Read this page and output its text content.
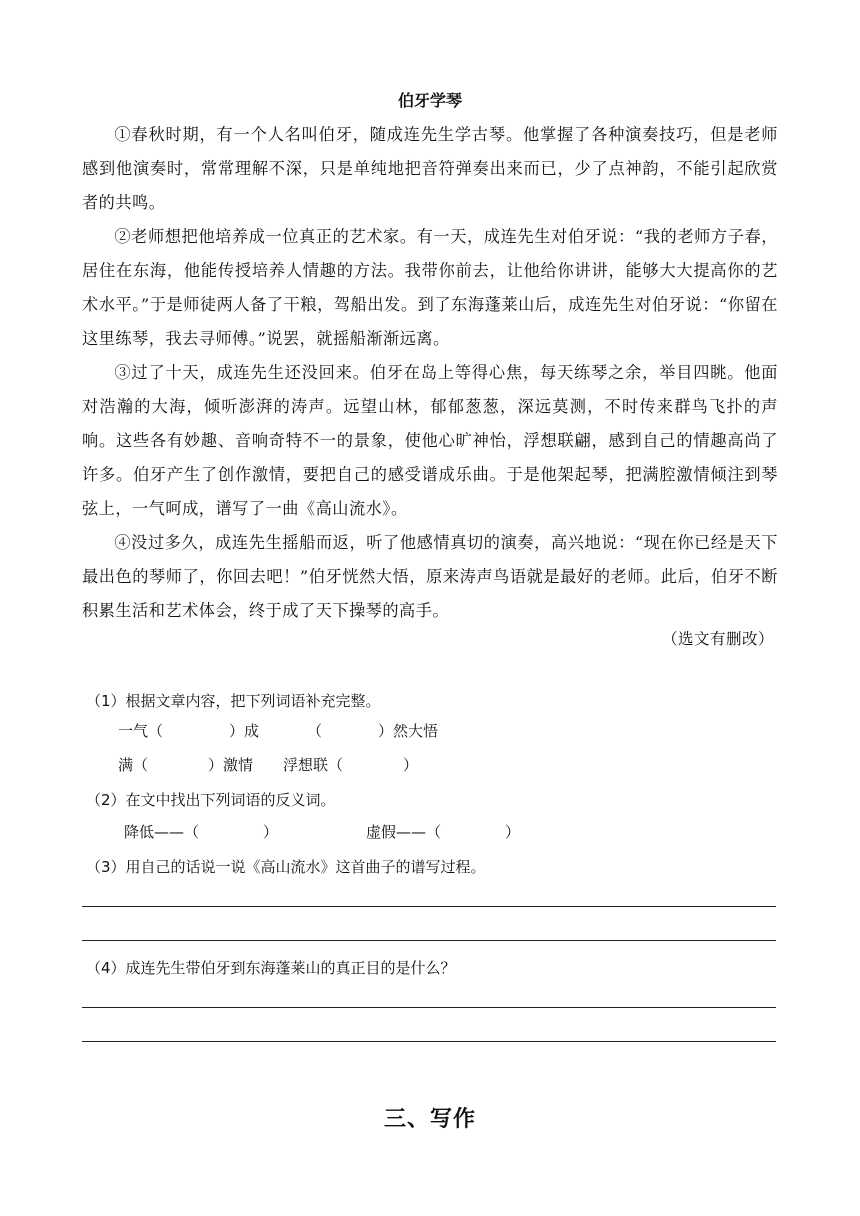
伯牙学琴

①春秋时期，有一个人名叫伯牙，随成连先生学古琴。他掌握了各种演奏技巧，但是老师感到他演奏时，常常理解不深，只是单纯地把音符弹奏出来而已，少了点神韵，不能引起欣赏者的共鸣。

②老师想把他培养成一位真正的艺术家。有一天，成连先生对伯牙说：“我的老师方子春，居住在东海，他能传授培养人情趣的方法。我带你前去，让他给你讲讲，能够大大提高你的艺术水平。”于是师徒两人备了干粮，驾船出发。到了东海蓬莱山后，成连先生对伯牙说：“你留在这里练琴，我去寻师傅。”说罢，就摇船渐渐远离。

③过了十天，成连先生还没回来。伯牙在岛上等得心焦，每天练琴之余，举目四眺。他面对浩瀚的大海，倾听澎湃的涛声。远望山林，郁郁葱葱，深远莫测，不时传来群鸟飞扑的声响。这些各有妙趣、音响奇特不一的景象，使他心旷神怡，浮想联翩，感到自己的情趣高尚了许多。伯牙产生了创作激情，要把自己的感受谱成乐曲。于是他架起琴，把满腔激情倾注到琴弦上，一气呵成，谱写了一曲《高山流水》。

④没过多久，成连先生摇船而返，听了他感情真切的演奏，高兴地说：“现在你已经是天下最出色的琴师了，你回去吧！”伯牙恍然大悟，原来涛声鸟语就是最好的老师。此后，伯牙不断积累生活和艺术体会，终于成了天下操琴的高手。

（选文有删改）
（1）根据文章内容，把下列词语补充完整。
一气（	）成	（	）然大悟
满（	）激情 浮想联（	）
（2）在文中找出下列词语的反义词。
降低——（	）	虚假——（	）
（3）用自己的话说一说《高山流水》这首曲子的谱写过程。
（4）成连先生带伯牙到东海蓬莱山的真正目的是什么？
三、写作
